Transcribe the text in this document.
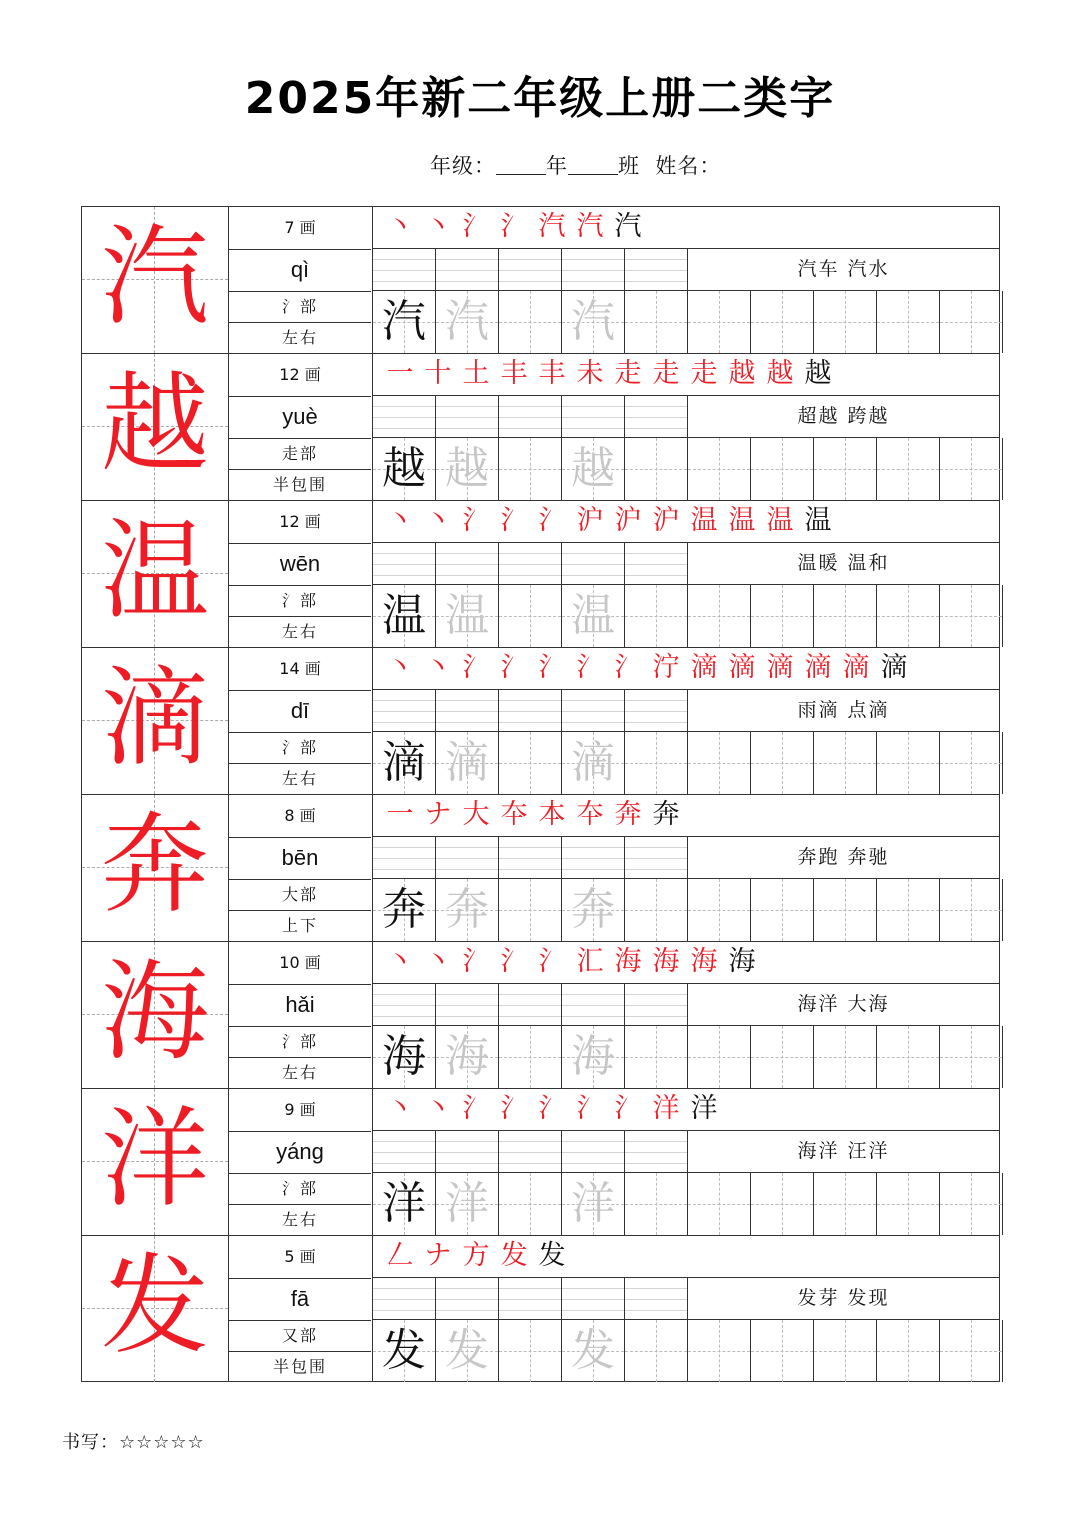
2025年新二年级上册二类字
年级： 年 班 姓名：
汽	7 画
qì
氵部
左右
丶 丶 氵 氵 汽 汽 汽
汽车 汽水
汽 汽 汽
越	12 画
yuè
走部
半包围
一 十 土 丰 丰 未 走 走 走 越 越 越
超越 跨越
越 越 越
温	12 画
wēn
氵部
左右
丶 丶 氵 氵 氵 沪 沪 沪 温 温 温 温
温暖 温和
温 温 温
滴	14 画
dī
氵部
左右
丶 丶 氵 氵 氵 氵 氵 泞 滴 滴 滴 滴 滴 滴
雨滴 点滴
滴 滴 滴
奔	8 画
bēn
大部
上下
一 ナ 大 夲 本 夲 奔 奔
奔跑 奔驰
奔 奔 奔
海	10 画
hǎi
氵部
左右
丶 丶 氵 氵 氵 汇 海 海 海 海
海洋 大海
海 海 海
洋	9 画
yáng
氵部
左右
丶 丶 氵 氵 氵 氵 氵 洋 洋
海洋 汪洋
洋 洋 洋
发	5 画
fā
又部
半包围
𠃋 ナ 方 发 发
发芽 发现
发 发 发
书写：☆☆☆☆☆
